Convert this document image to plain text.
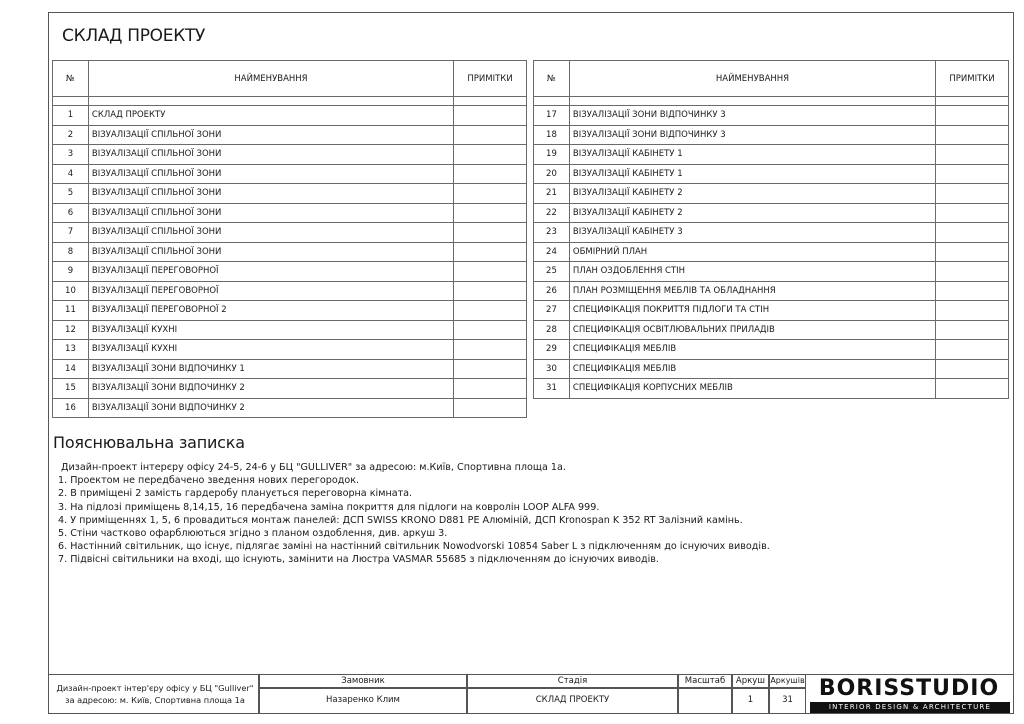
СКЛАД ПРОЕКТУ
№	НАЙМЕНУВАННЯ	ПРИМІТКИ

1	СКЛАД ПРОЕКТУ	
2	ВІЗУАЛІЗАЦІЇ СПІЛЬНОЇ ЗОНИ	
3	ВІЗУАЛІЗАЦІЇ СПІЛЬНОЇ ЗОНИ	
4	ВІЗУАЛІЗАЦІЇ СПІЛЬНОЇ ЗОНИ	
5	ВІЗУАЛІЗАЦІЇ СПІЛЬНОЇ ЗОНИ	
6	ВІЗУАЛІЗАЦІЇ СПІЛЬНОЇ ЗОНИ	
7	ВІЗУАЛІЗАЦІЇ СПІЛЬНОЇ ЗОНИ	
8	ВІЗУАЛІЗАЦІЇ СПІЛЬНОЇ ЗОНИ	
9	ВІЗУАЛІЗАЦІЇ ПЕРЕГОВОРНОЇ	
10	ВІЗУАЛІЗАЦІЇ ПЕРЕГОВОРНОЇ	
11	ВІЗУАЛІЗАЦІЇ ПЕРЕГОВОРНОЇ 2	
12	ВІЗУАЛІЗАЦІЇ КУХНІ	
13	ВІЗУАЛІЗАЦІЇ КУХНІ	
14	ВІЗУАЛІЗАЦІЇ ЗОНИ ВІДПОЧИНКУ 1	
15	ВІЗУАЛІЗАЦІЇ ЗОНИ ВІДПОЧИНКУ 2	
16	ВІЗУАЛІЗАЦІЇ ЗОНИ ВІДПОЧИНКУ 2	
№	НАЙМЕНУВАННЯ	ПРИМІТКИ

17	ВІЗУАЛІЗАЦІЇ ЗОНИ ВІДПОЧИНКУ 3	
18	ВІЗУАЛІЗАЦІЇ ЗОНИ ВІДПОЧИНКУ 3	
19	ВІЗУАЛІЗАЦІЇ КАБІНЕТУ 1	
20	ВІЗУАЛІЗАЦІЇ КАБІНЕТУ 1	
21	ВІЗУАЛІЗАЦІЇ КАБІНЕТУ 2	
22	ВІЗУАЛІЗАЦІЇ КАБІНЕТУ 2	
23	ВІЗУАЛІЗАЦІЇ КАБІНЕТУ 3	
24	ОБМІРНИЙ ПЛАН	
25	ПЛАН ОЗДОБЛЕННЯ СТІН	
26	ПЛАН РОЗМІЩЕННЯ МЕБЛІВ ТА ОБЛАДНАННЯ	
27	СПЕЦИФІКАЦІЯ ПОКРИТТЯ ПІДЛОГИ ТА СТІН	
28	СПЕЦИФІКАЦІЯ ОСВІТЛЮВАЛЬНИХ ПРИЛАДІВ	
29	СПЕЦИФІКАЦІЯ МЕБЛІВ	
30	СПЕЦИФІКАЦІЯ МЕБЛІВ	
31	СПЕЦИФІКАЦІЯ КОРПУСНИХ МЕБЛІВ	
Пояснювальна записка
Дизайн-проект інтерєру офісу 24-5, 24-6 у БЦ "GULLIVER" за адресою: м.Київ, Спортивна площа 1а.
1. Проектом не передбачено зведення нових перегородок.
2. В приміщені 2 замість гардеробу планується переговорна кімната.
3. На підлозі приміщень 8,14,15, 16 передбачена заміна покриття для підлоги на ковролін LOOP ALFA 999.
4. У приміщеннях 1, 5, 6 провадиться монтаж панелей: ДСП SWISS KRONO D881 PE Алюміній, ДСП Kronospan K 352 RT Залізний камінь.
5. Стіни частково офарблюються згідно з планом оздоблення, див. аркуш 3.
6. Настінний світильник, що існує, підлягає заміні на настінний світильник Nowodvorski 10854 Saber L з підключенням до існуючих виводів.
7. Підвісні світильники на вході, що існують, замінити на Люстра VASMAR 55685 з підключенням до існуючих виводів.
Дизайн-проект інтер'єру офісу у БЦ "Gulliver"
за адресою: м. Київ, Спортивна площа 1а
Замовник
Назаренко Клим
Стадія
СКЛАД ПРОЕКТУ
Масштаб	Аркуш
1
Аркушів
31	BORISSTUDIO
INTERIOR DESIGN & ARCHITECTURE
